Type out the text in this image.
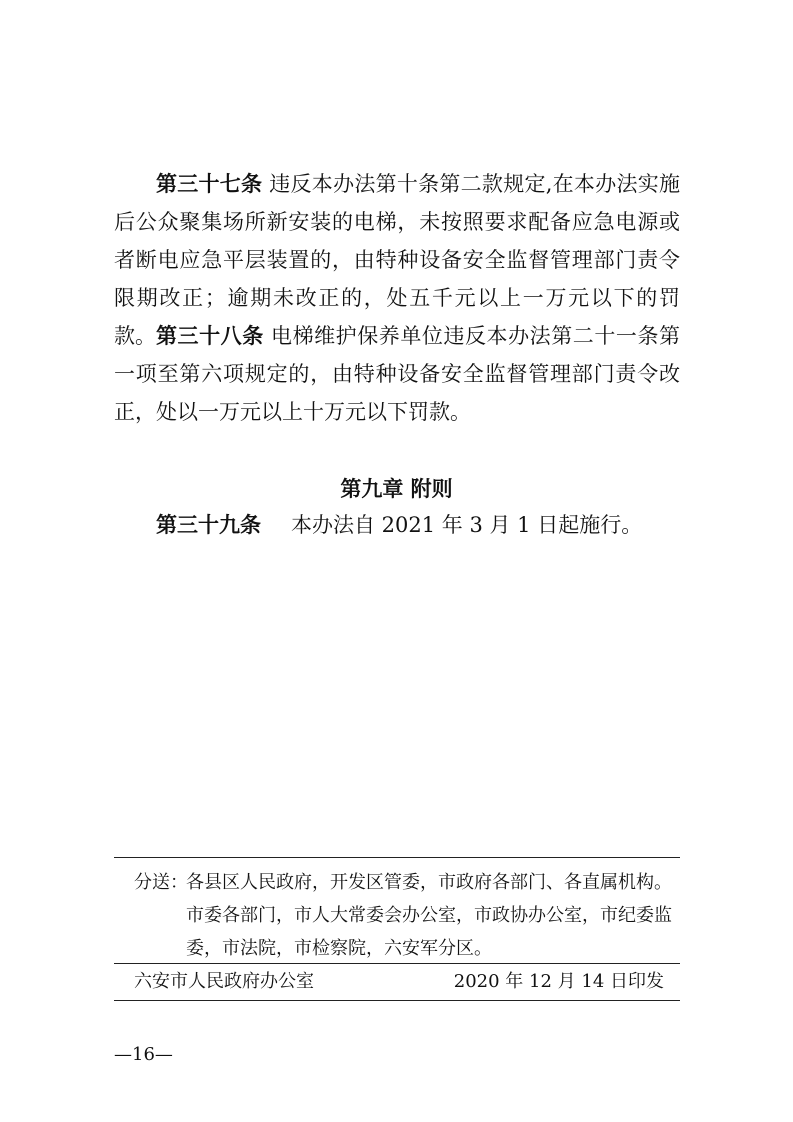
第三十七条 违反本办法第十条第二款规定,在本办法实施后公众聚集场所新安装的电梯，未按照要求配备应急电源或者断电应急平层装置的，由特种设备安全监督管理部门责令限期改正；逾期未改正的，处五千元以上一万元以下的罚款。 第三十八条 电梯维护保养单位违反本办法第二十一条第一项至第六项规定的，由特种设备安全监督管理部门责令改正，处以一万元以上十万元以下罚款。

第九章 附则

第三十九条 本办法自 2021 年 3 月 1 日起施行。

分送：各县区人民政府，开发区管委，市政府各部门、各直属机构。
市委各部门，市人大常委会办公室，市政协办公室，市纪委监
委，市法院，市检察院，六安军分区。
六安市人民政府办公室	2020 年 12 月 14 日印发

—16—
